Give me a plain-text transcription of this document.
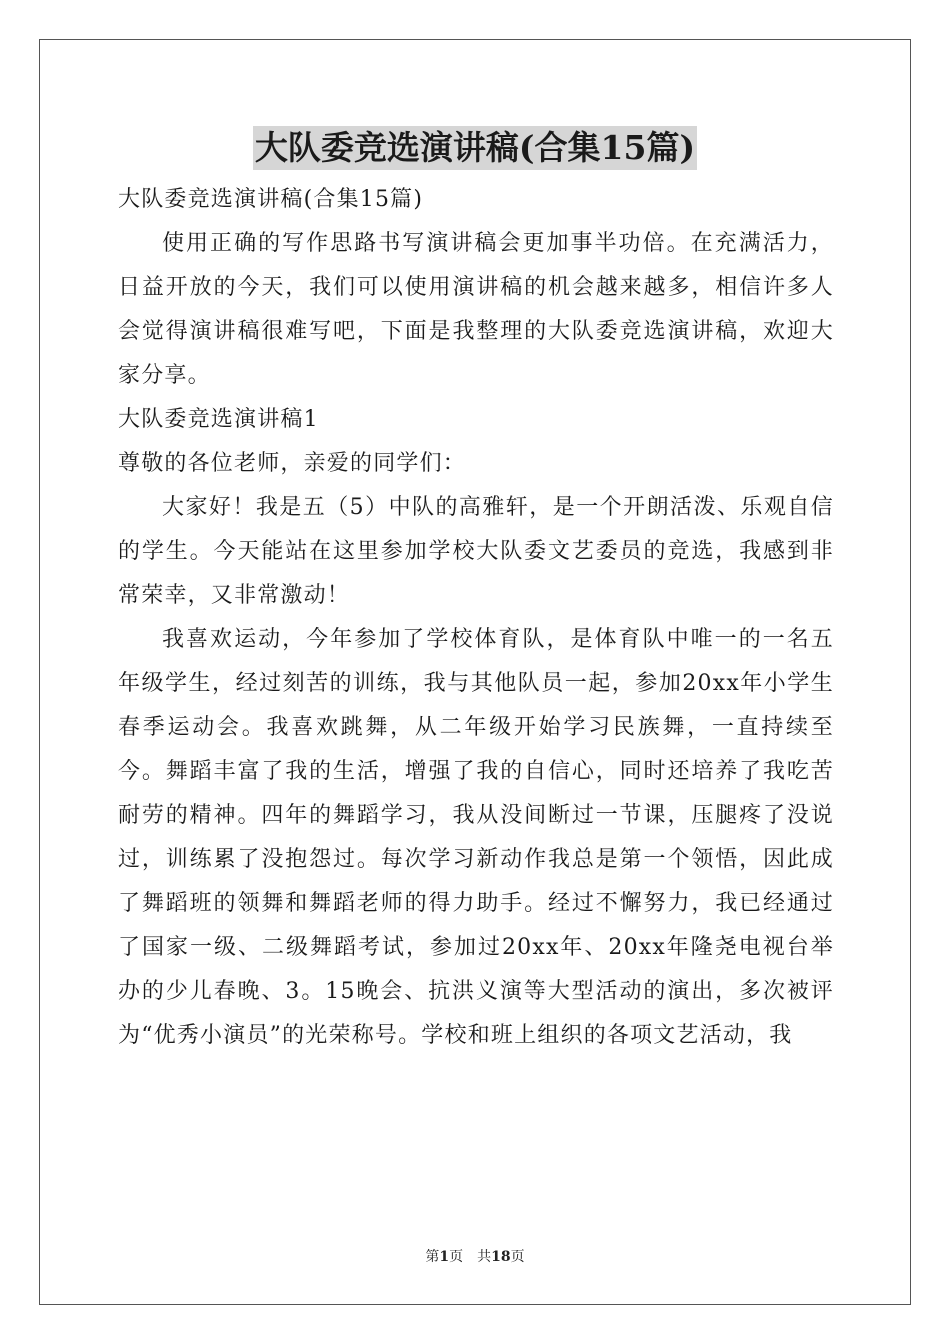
大队委竞选演讲稿(合集15篇)

大队委竞选演讲稿(合集15篇)

使用正确的写作思路书写演讲稿会更加事半功倍。在充满活力，日益开放的今天，我们可以使用演讲稿的机会越来越多，相信许多人会觉得演讲稿很难写吧，下面是我整理的大队委竞选演讲稿，欢迎大家分享。

大队委竞选演讲稿1

尊敬的各位老师，亲爱的同学们：

大家好！我是五（5）中队的高雅轩，是一个开朗活泼、乐观自信的学生。今天能站在这里参加学校大队委文艺委员的竞选，我感到非常荣幸，又非常激动！

我喜欢运动，今年参加了学校体育队，是体育队中唯一的一名五年级学生，经过刻苦的训练，我与其他队员一起，参加20xx年小学生春季运动会。我喜欢跳舞，从二年级开始学习民族舞，一直持续至今。舞蹈丰富了我的生活，增强了我的自信心，同时还培养了我吃苦耐劳的精神。四年的舞蹈学习，我从没间断过一节课，压腿疼了没说过，训练累了没抱怨过。每次学习新动作我总是第一个领悟，因此成了舞蹈班的领舞和舞蹈老师的得力助手。经过不懈努力，我已经通过了国家一级、二级舞蹈考试，参加过20xx年、20xx年隆尧电视台举办的少儿春晚、3。15晚会、抗洪义演等大型活动的演出，多次被评为“优秀小演员”的光荣称号。学校和班上组织的各项文艺活动，我

第1页　共18页
